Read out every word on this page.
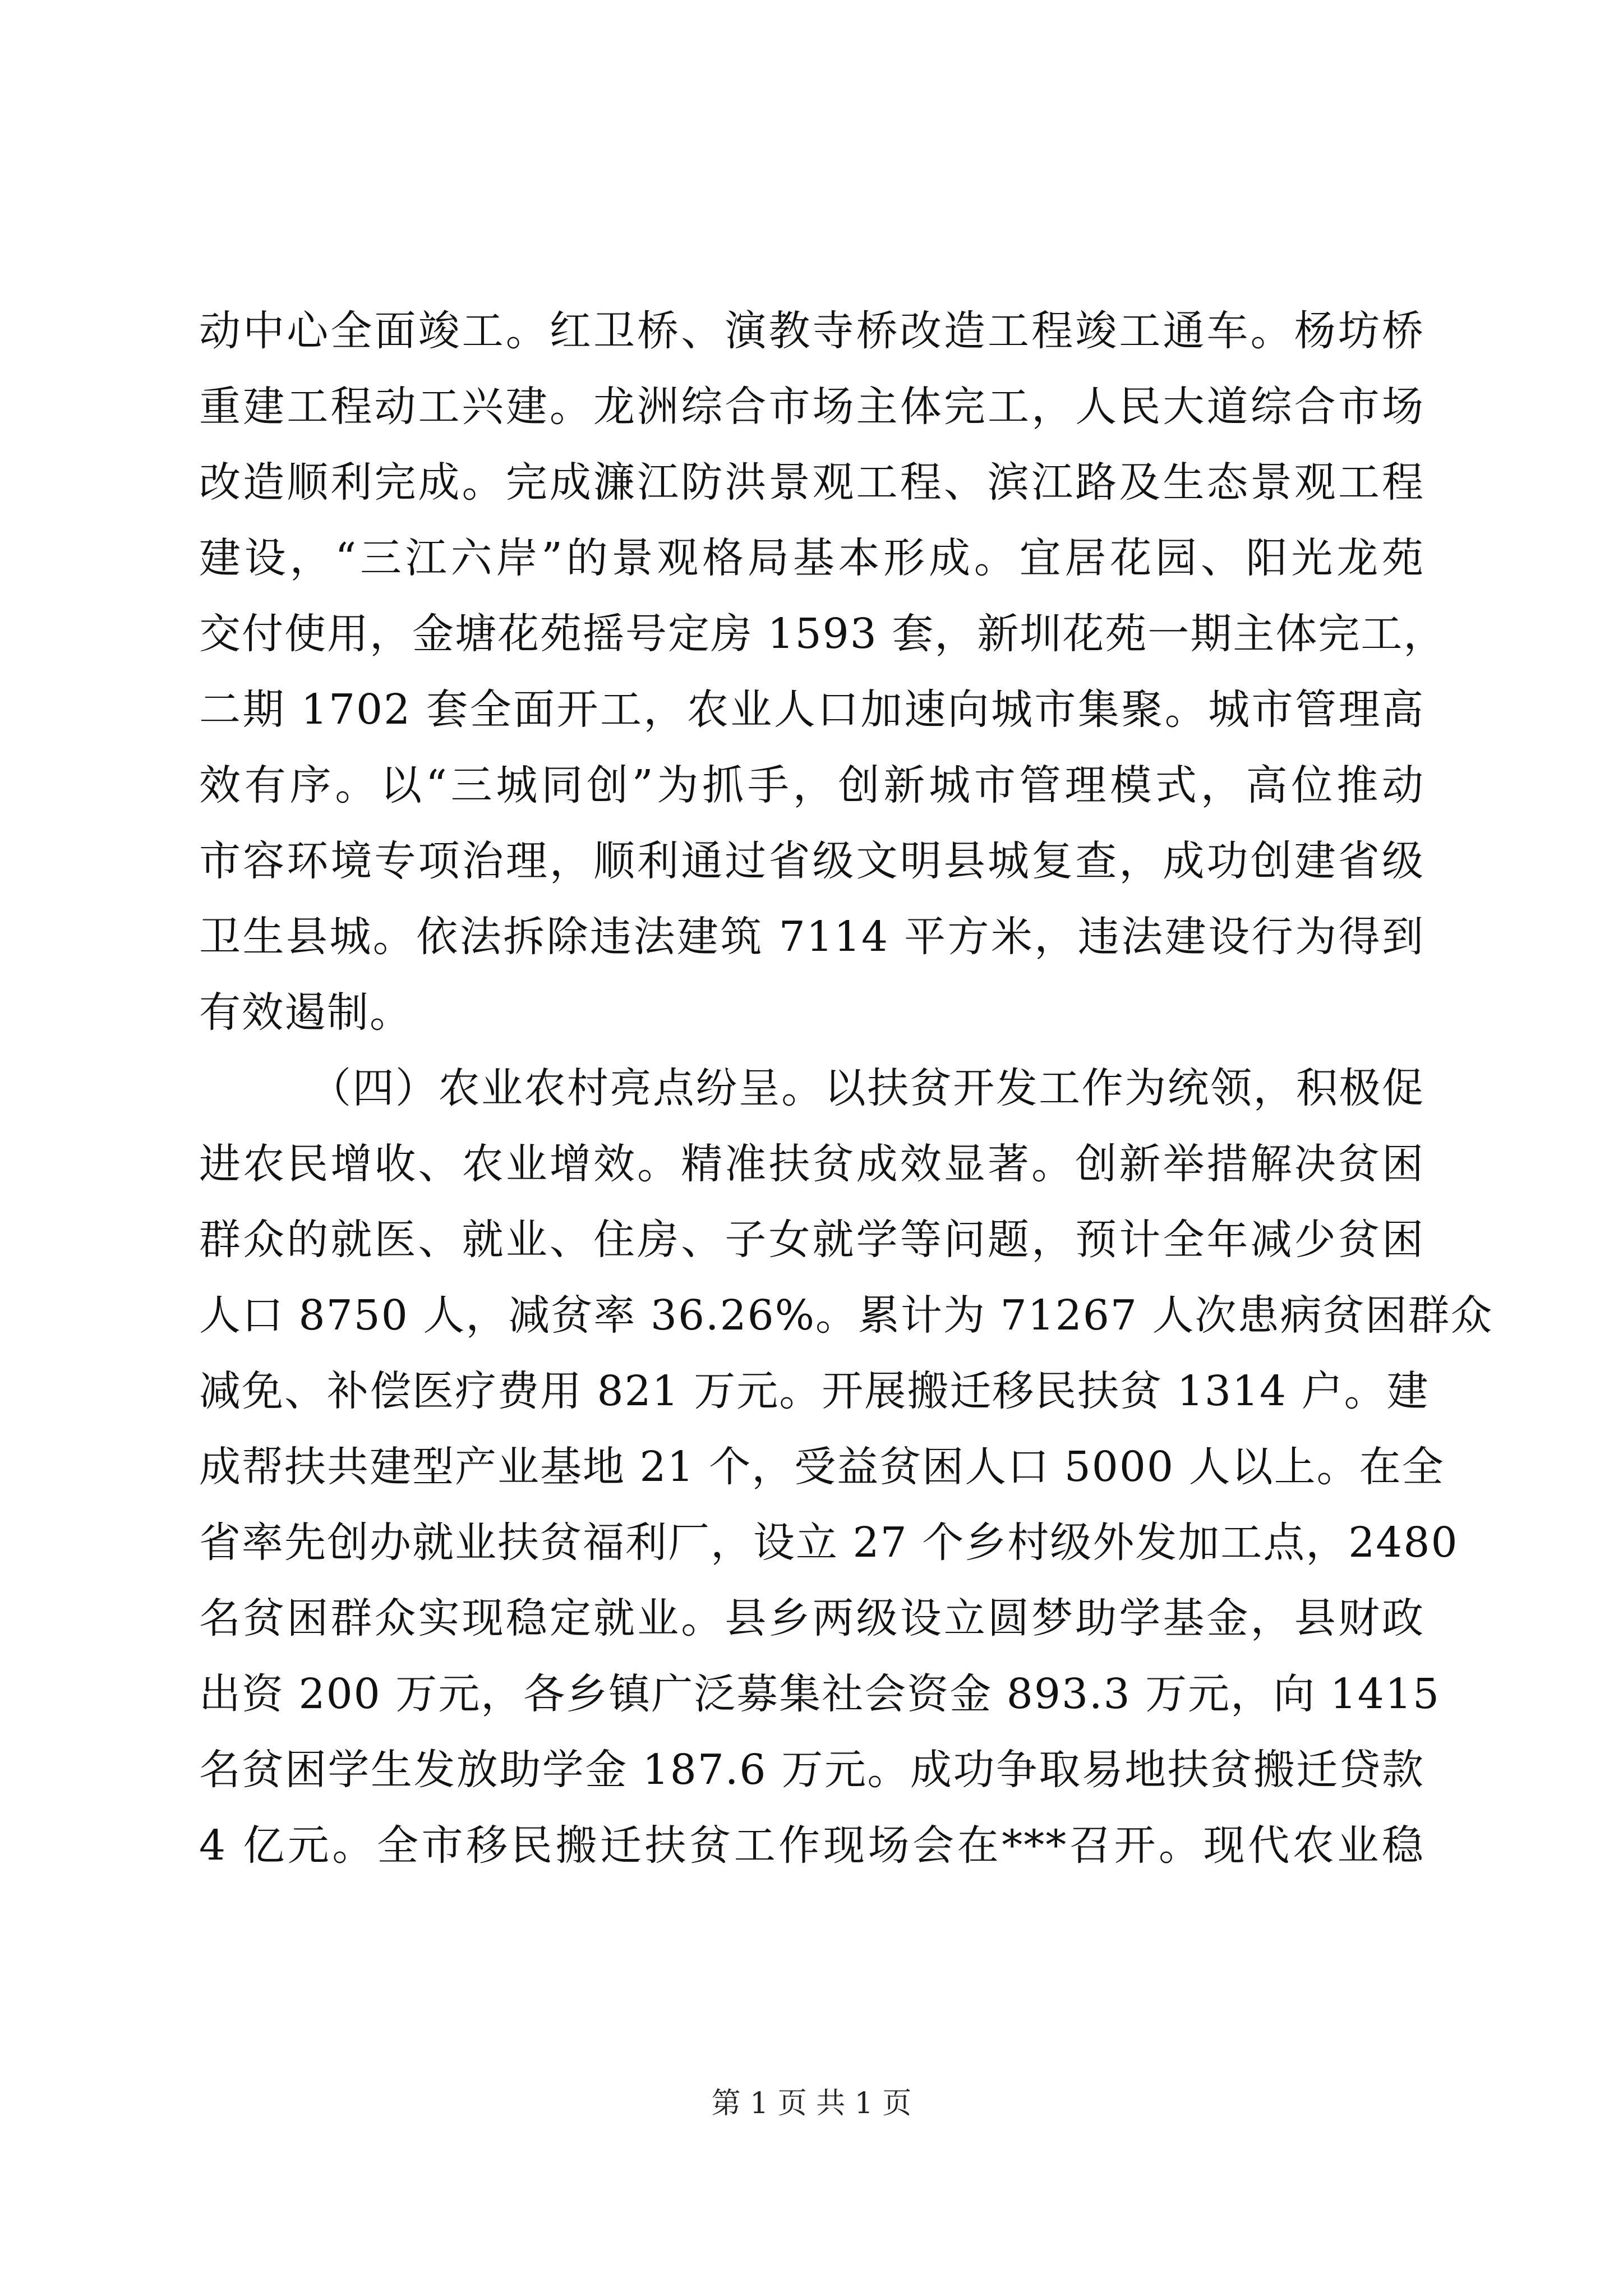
动中心全面竣工。红卫桥、演教寺桥改造工程竣工通车。杨坊桥
重建工程动工兴建。龙洲综合市场主体完工，人民大道综合市场
改造顺利完成。完成濂江防洪景观工程、滨江路及生态景观工程
建设，“三江六岸”的景观格局基本形成。宜居花园、阳光龙苑
交付使用，金塘花苑摇号定房 1593 套，新圳花苑一期主体完工，
二期 1702 套全面开工，农业人口加速向城市集聚。城市管理高
效有序。以“三城同创”为抓手，创新城市管理模式，高位推动
市容环境专项治理，顺利通过省级文明县城复查，成功创建省级
卫生县城。依法拆除违法建筑 7114 平方米，违法建设行为得到
有效遏制。
（四）农业农村亮点纷呈。以扶贫开发工作为统领，积极促
进农民增收、农业增效。精准扶贫成效显著。创新举措解决贫困
群众的就医、就业、住房、子女就学等问题，预计全年减少贫困
人口 8750 人，减贫率 36.26%。累计为 71267 人次患病贫困群众
减免、补偿医疗费用 821 万元。开展搬迁移民扶贫 1314 户。建
成帮扶共建型产业基地 21 个，受益贫困人口 5000 人以上。在全
省率先创办就业扶贫福利厂，设立 27 个乡村级外发加工点，2480
名贫困群众实现稳定就业。县乡两级设立圆梦助学基金，县财政
出资 200 万元，各乡镇广泛募集社会资金 893.3 万元，向 1415
名贫困学生发放助学金 187.6 万元。成功争取易地扶贫搬迁贷款
4 亿元。全市移民搬迁扶贫工作现场会在***召开。现代农业稳
第 1 页 共 1 页
